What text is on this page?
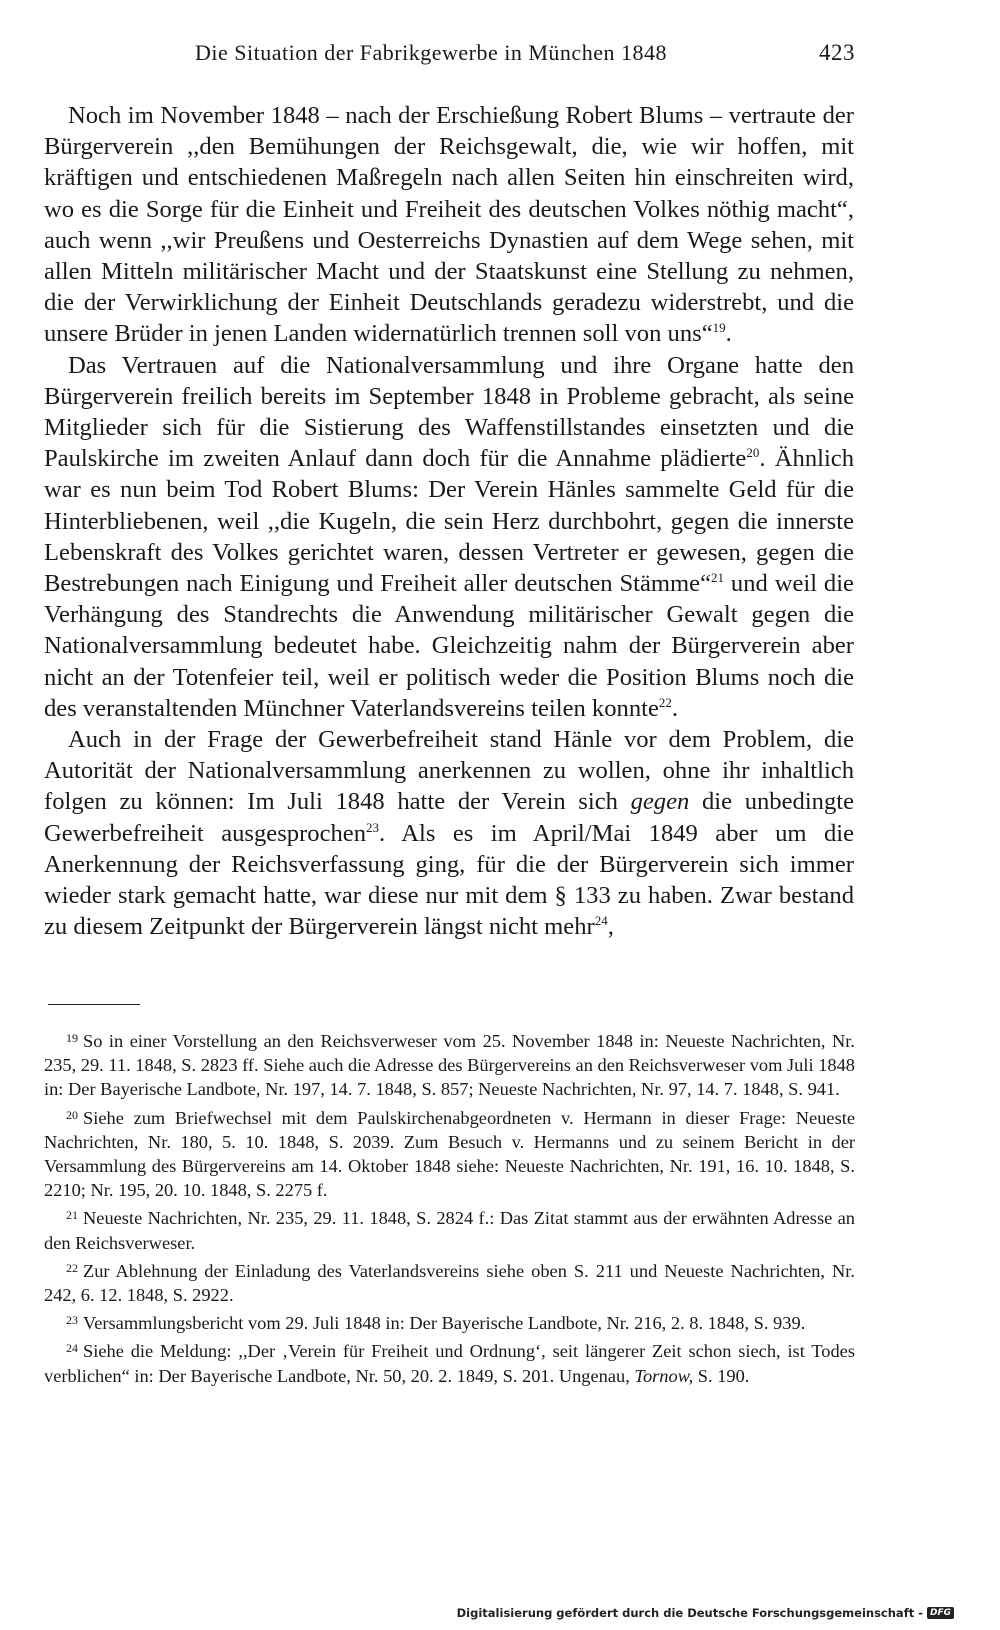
Die Situation der Fabrikgewerbe in München 1848	423

Noch im November 1848 – nach der Erschießung Robert Blums – vertraute der Bürgerverein ,,den Bemühungen der Reichsgewalt, die, wie wir hoffen, mit kräftigen und entschiedenen Maßregeln nach allen Seiten hin einschreiten wird, wo es die Sorge für die Einheit und Freiheit des deutschen Volkes nöthig macht“, auch wenn ,,wir Preußens und Oesterreichs Dynastien auf dem Wege sehen, mit allen Mitteln militärischer Macht und der Staatskunst eine Stellung zu nehmen, die der Verwirklichung der Einheit Deutschlands geradezu widerstrebt, und die unsere Brüder in jenen Landen widernatürlich trennen soll von uns“$^{19}$.

Das Vertrauen auf die Nationalversammlung und ihre Organe hatte den Bürgerverein freilich bereits im September 1848 in Probleme gebracht, als seine Mitglieder sich für die Sistierung des Waffenstillstandes einsetzten und die Paulskirche im zweiten Anlauf dann doch für die Annahme plädierte$^{20}$. Ähnlich war es nun beim Tod Robert Blums: Der Verein Hänles sammelte Geld für die Hinterbliebenen, weil ,,die Kugeln, die sein Herz durchbohrt, gegen die innerste Lebenskraft des Volkes gerichtet waren, dessen Vertreter er gewesen, gegen die Bestrebungen nach Einigung und Freiheit aller deutschen Stämme“$^{21}$ und weil die Verhängung des Standrechts die Anwendung militärischer Gewalt gegen die Nationalversammlung bedeutet habe. Gleichzeitig nahm der Bürgerverein aber nicht an der Totenfeier teil, weil er politisch weder die Position Blums noch die des veranstaltenden Münchner Vaterlandsvereins teilen konnte$^{22}$.

Auch in der Frage der Gewerbefreiheit stand Hänle vor dem Problem, die Autorität der Nationalversammlung anerkennen zu wollen, ohne ihr inhaltlich folgen zu können: Im Juli 1848 hatte der Verein sich gegen die unbedingte Gewerbefreiheit ausgesprochen$^{23}$. Als es im April/Mai 1849 aber um die Anerkennung der Reichsverfassung ging, für die der Bürgerverein sich immer wieder stark gemacht hatte, war diese nur mit dem § 133 zu haben. Zwar bestand zu diesem Zeitpunkt der Bürgerverein längst nicht mehr$^{24}$,

$^{19}$ So in einer Vorstellung an den Reichsverweser vom 25. November 1848 in: Neueste Nachrichten, Nr. 235, 29. 11. 1848, S. 2823 ff. Siehe auch die Adresse des Bürgervereins an den Reichsverweser vom Juli 1848 in: Der Bayerische Landbote, Nr. 197, 14. 7. 1848, S. 857; Neueste Nachrichten, Nr. 97, 14. 7. 1848, S. 941.

$^{20}$ Siehe zum Briefwechsel mit dem Paulskirchenabgeordneten v. Hermann in dieser Frage: Neueste Nachrichten, Nr. 180, 5. 10. 1848, S. 2039. Zum Besuch v. Hermanns und zu seinem Bericht in der Versammlung des Bürgervereins am 14. Oktober 1848 siehe: Neueste Nachrichten, Nr. 191, 16. 10. 1848, S. 2210; Nr. 195, 20. 10. 1848, S. 2275 f.

$^{21}$ Neueste Nachrichten, Nr. 235, 29. 11. 1848, S. 2824 f.: Das Zitat stammt aus der erwähnten Adresse an den Reichsverweser.

$^{22}$ Zur Ablehnung der Einladung des Vaterlandsvereins siehe oben S. 211 und Neueste Nachrichten, Nr. 242, 6. 12. 1848, S. 2922.

$^{23}$ Versammlungsbericht vom 29. Juli 1848 in: Der Bayerische Landbote, Nr. 216, 2. 8. 1848, S. 939.

$^{24}$ Siehe die Meldung: ,,Der ‚Verein für Freiheit und Ordnung‘, seit längerer Zeit schon siech, ist Todes verblichen“ in: Der Bayerische Landbote, Nr. 50, 20. 2. 1849, S. 201. Ungenau, Tornow, S. 190.

Digitalisierung gefördert durch die Deutsche Forschungsgemeinschaft - DFG
